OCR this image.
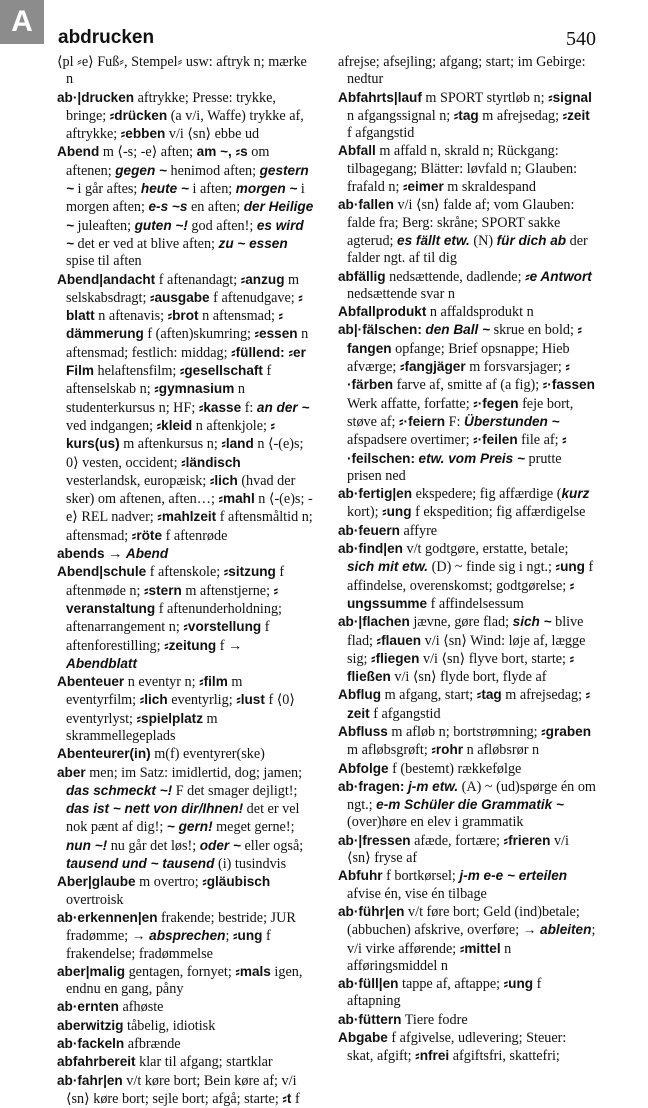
A	abdrucken	540

⟨pl ⸗e⟩ Fuß⸗, Stempel⸗ usw: aftryk n; mærke n

ab·|drucken aftrykke; Presse: trykke, bringe; ⸗drücken (a v/i, Waffe) trykke af, aftrykke; ⸗ebben v/i ⟨sn⟩ ebbe ud

Abend m ⟨-s; -e⟩ aften; am ~, ⸗s om aftenen; gegen ~ henimod aften; gestern ~ i går aftes; heute ~ i aften; morgen ~ i morgen aften; e-s ~s en aften; der Heilige ~ juleaften; guten ~! god aften!; es wird ~ det er ved at blive aften; zu ~ essen spise til aften

Abend|andacht f aftenandagt; ⸗anzug m selskabsdragt; ⸗ausgabe f aftenudgave; ⸗blatt n aftenavis; ⸗brot n aftensmad; ⸗dämmerung f (aften)skumring; ⸗essen n aftensmad; festlich: middag; ⸗füllend: ⸗er Film helaftensfilm; ⸗gesellschaft f aftenselskab n; ⸗gymnasium n studenterkursus n; HF; ⸗kasse f: an der ~ ved indgangen; ⸗kleid n aftenkjole; ⸗kurs(us) m aftenkursus n; ⸗land n ⟨-(e)s; 0⟩ vesten, occident; ⸗ländisch vesterlandsk, europæisk; ⸗lich (hvad der sker) om aftenen, aften…; ⸗mahl n ⟨-(e)s; -e⟩ REL nadver; ⸗mahlzeit f aftensmåltid n; aftensmad; ⸗röte f aftenrøde

abends → Abend

Abend|schule f aftenskole; ⸗sitzung f aftenmøde n; ⸗stern m aftenstjerne; ⸗veranstaltung f aftenunderholdning; aftenarrangement n; ⸗vorstellung f aftenforestilling; ⸗zeitung f → Abendblatt

Abenteuer n eventyr n; ⸗film m eventyrfilm; ⸗lich eventyrlig; ⸗lust f ⟨0⟩ eventyrlyst; ⸗spielplatz m skrammellegeplads

Abenteurer(in) m(f) eventyrer(ske)

aber men; im Satz: imidlertid, dog; jamen; das schmeckt ~! F det smager dejligt!; das ist ~ nett von dir/Ihnen! det er vel nok pænt af dig!; ~ gern! meget gerne!; nun ~! nu går det løs!; oder ~ eller også; tausend und ~ tausend (i) tusindvis

Aber|glaube m overtro; ⸗gläubisch overtroisk

ab·erkennen|en frakende; bestride; JUR fradømme; → absprechen; ⸗ung f frakendelse; fradømmelse

aber|malig gentagen, fornyet; ⸗mals igen, endnu en gang, påny

ab·ernten afhøste

aberwitzig tåbelig, idiotisk

ab·fackeln afbrænde

abfahrbereit klar til afgang; startklar

ab·fahr|en v/t køre bort; Bein køre af; v/i ⟨sn⟩ køre bort; sejle bort; afgå; starte; ⸗t f

afrejse; afsejling; afgang; start; im Gebirge: nedtur

Abfahrts|lauf m SPORT styrtløb n; ⸗signal n afgangssignal n; ⸗tag m afrejsedag; ⸗zeit f afgangstid

Abfall m affald n, skrald n; Rückgang: tilbagegang; Blätter: løvfald n; Glauben: frafald n; ⸗eimer m skraldespand

ab·fallen v/i ⟨sn⟩ falde af; vom Glauben: falde fra; Berg: skråne; SPORT sakke agterud; es fällt etw. (N) für dich ab der falder ngt. af til dig

abfällig nedsættende, dadlende; ⸗e Antwort nedsættende svar n

Abfallprodukt n affaldsprodukt n

ab|·fälschen: den Ball ~ skrue en bold; ⸗fangen opfange; Brief opsnappe; Hieb afværge; ⸗fangjäger m forsvarsjager; ⸗·färben farve af, smitte af (a fig); ⸗·fassen Werk affatte, forfatte; ⸗·fegen feje bort, støve af; ⸗·feiern F: Überstunden ~ afspadsere overtimer; ⸗·feilen file af; ⸗·feilschen: etw. vom Preis ~ prutte prisen ned

ab·fertig|en ekspedere; fig affærdige (kurz kort); ⸗ung f ekspedition; fig affærdigelse

ab·feuern affyre

ab·find|en v/t godtgøre, erstatte, betale; sich mit etw. (D) ~ finde sig i ngt.; ⸗ung f affindelse, overenskomst; godtgørelse; ⸗ungssumme f affindelsessum

ab·|flachen jævne, gøre flad; sich ~ blive flad; ⸗flauen v/i ⟨sn⟩ Wind: løje af, lægge sig; ⸗fliegen v/i ⟨sn⟩ flyve bort, starte; ⸗fließen v/i ⟨sn⟩ flyde bort, flyde af

Abflug m afgang, start; ⸗tag m afrejsedag; ⸗zeit f afgangstid

Abfluss m afløb n; bortstrømning; ⸗graben m afløbsgrøft; ⸗rohr n afløbsrør n

Abfolge f (bestemt) rækkefølge

ab·fragen: j-m etw. (A) ~ (ud)spørge én om ngt.; e-m Schüler die Grammatik ~ (over)høre en elev i grammatik

ab·|fressen afæde, fortære; ⸗frieren v/i ⟨sn⟩ fryse af

Abfuhr f bortkørsel; j-m e-e ~ erteilen afvise én, vise én tilbage

ab·führ|en v/t føre bort; Geld (ind)betale; (abbuchen) afskrive, overføre; → ableiten; v/i virke afførende; ⸗mittel n afføringsmiddel n

ab·füll|en tappe af, aftappe; ⸗ung f aftapning

ab·füttern Tiere fodre

Abgabe f afgivelse, udlevering; Steuer: skat, afgift; ⸗nfrei afgiftsfri, skattefri;
